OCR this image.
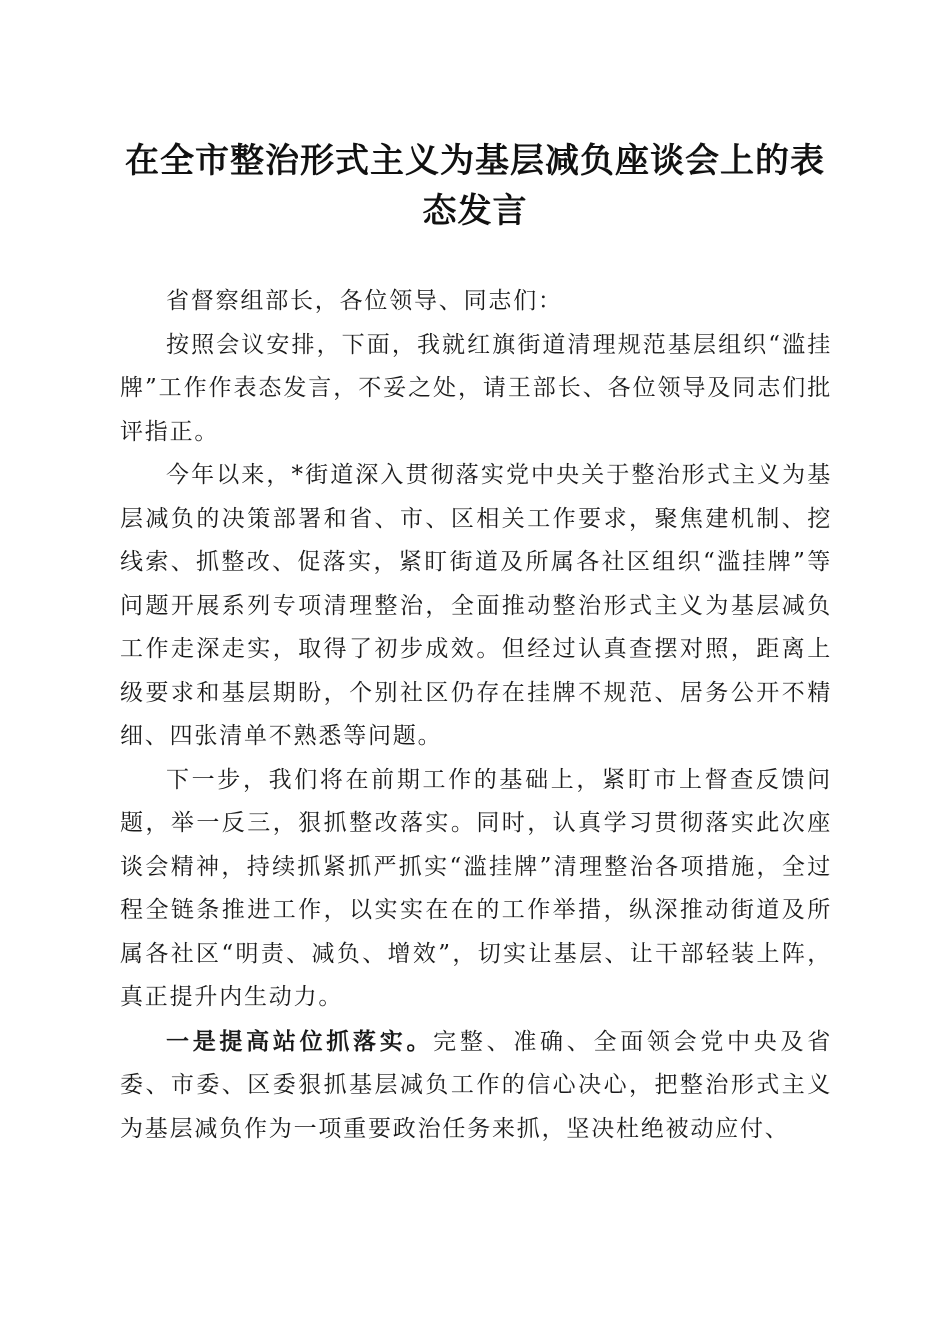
在全市整治形式主义为基层减负座谈会上的表态发言

省督察组部长，各位领导、同志们：

按照会议安排，下面，我就红旗街道清理规范基层组织“滥挂牌”工作作表态发言，不妥之处，请王部长、各位领导及同志们批评指正。

今年以来，*街道深入贯彻落实党中央关于整治形式主义为基层减负的决策部署和省、市、区相关工作要求，聚焦建机制、挖线索、抓整改、促落实，紧盯街道及所属各社区组织“滥挂牌”等问题开展系列专项清理整治，全面推动整治形式主义为基层减负工作走深走实，取得了初步成效。但经过认真查摆对照，距离上级要求和基层期盼，个别社区仍存在挂牌不规范、居务公开不精细、四张清单不熟悉等问题。

下一步，我们将在前期工作的基础上，紧盯市上督查反馈问题，举一反三，狠抓整改落实。同时，认真学习贯彻落实此次座谈会精神，持续抓紧抓严抓实“滥挂牌”清理整治各项措施，全过程全链条推进工作，以实实在在的工作举措，纵深推动街道及所属各社区“明责、减负、增效”，切实让基层、让干部轻装上阵，真正提升内生动力。

一是提高站位抓落实。完整、准确、全面领会党中央及省委、市委、区委狠抓基层减负工作的信心决心，把整治形式主义为基层减负作为一项重要政治任务来抓，坚决杜绝被动应付、
